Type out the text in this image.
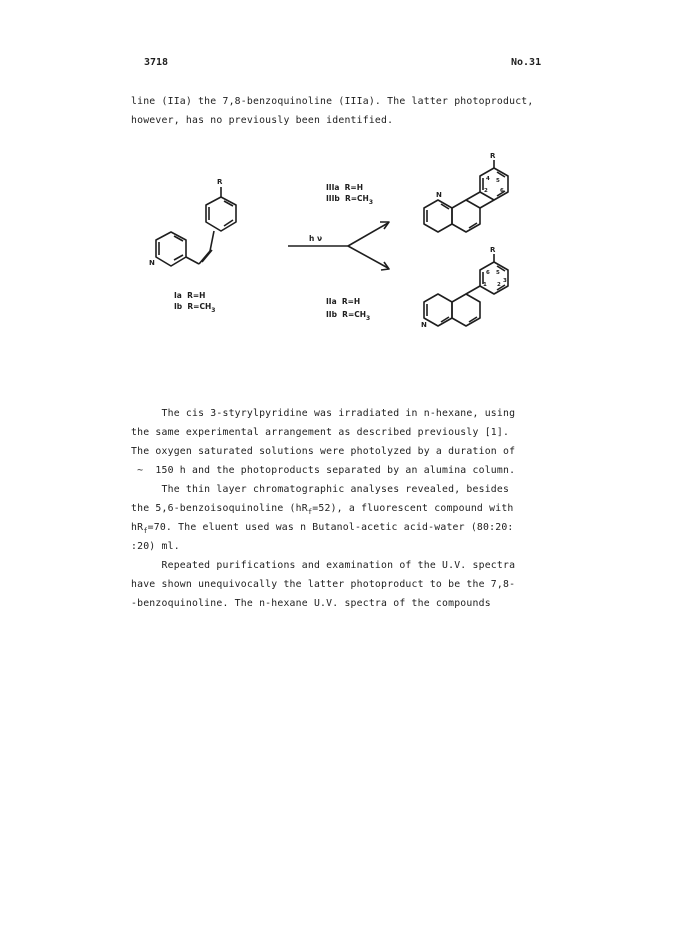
3718	No.31
line (IIa) the 7,8-benzoquinoline (IIIa). The latter photoproduct,
however, has no previously been identified.
R
N
R
N
R
N
4 5
2 6
6 5
1 2
3
h ν
Ia  R=H
Ib  $R=CH_3$
IIIa  R=H
IIIb  $R=CH_3$
IIa  R=H
IIb  $R=CH_3$
The cis 3-styrylpyridine was irradiated in n-hexane, using
the same experimental arrangement as described previously [1].
The oxygen saturated solutions were photolyzed by a duration of
~  150 h and the photoproducts separated by an alumina column.
The thin layer chromatographic analyses revealed, besides
the 5,6-benzoisoquinoline $(hR_f=52)$, a fluorescent compound with
$hR_f=70$. The eluent used was n Butanol-acetic acid-water (80:20:
:20) ml.
Repeated purifications and examination of the U.V. spectra
have shown unequivocally the latter photoproduct to be the 7,8-
-benzoquinoline. The n-hexane U.V. spectra of the compounds
